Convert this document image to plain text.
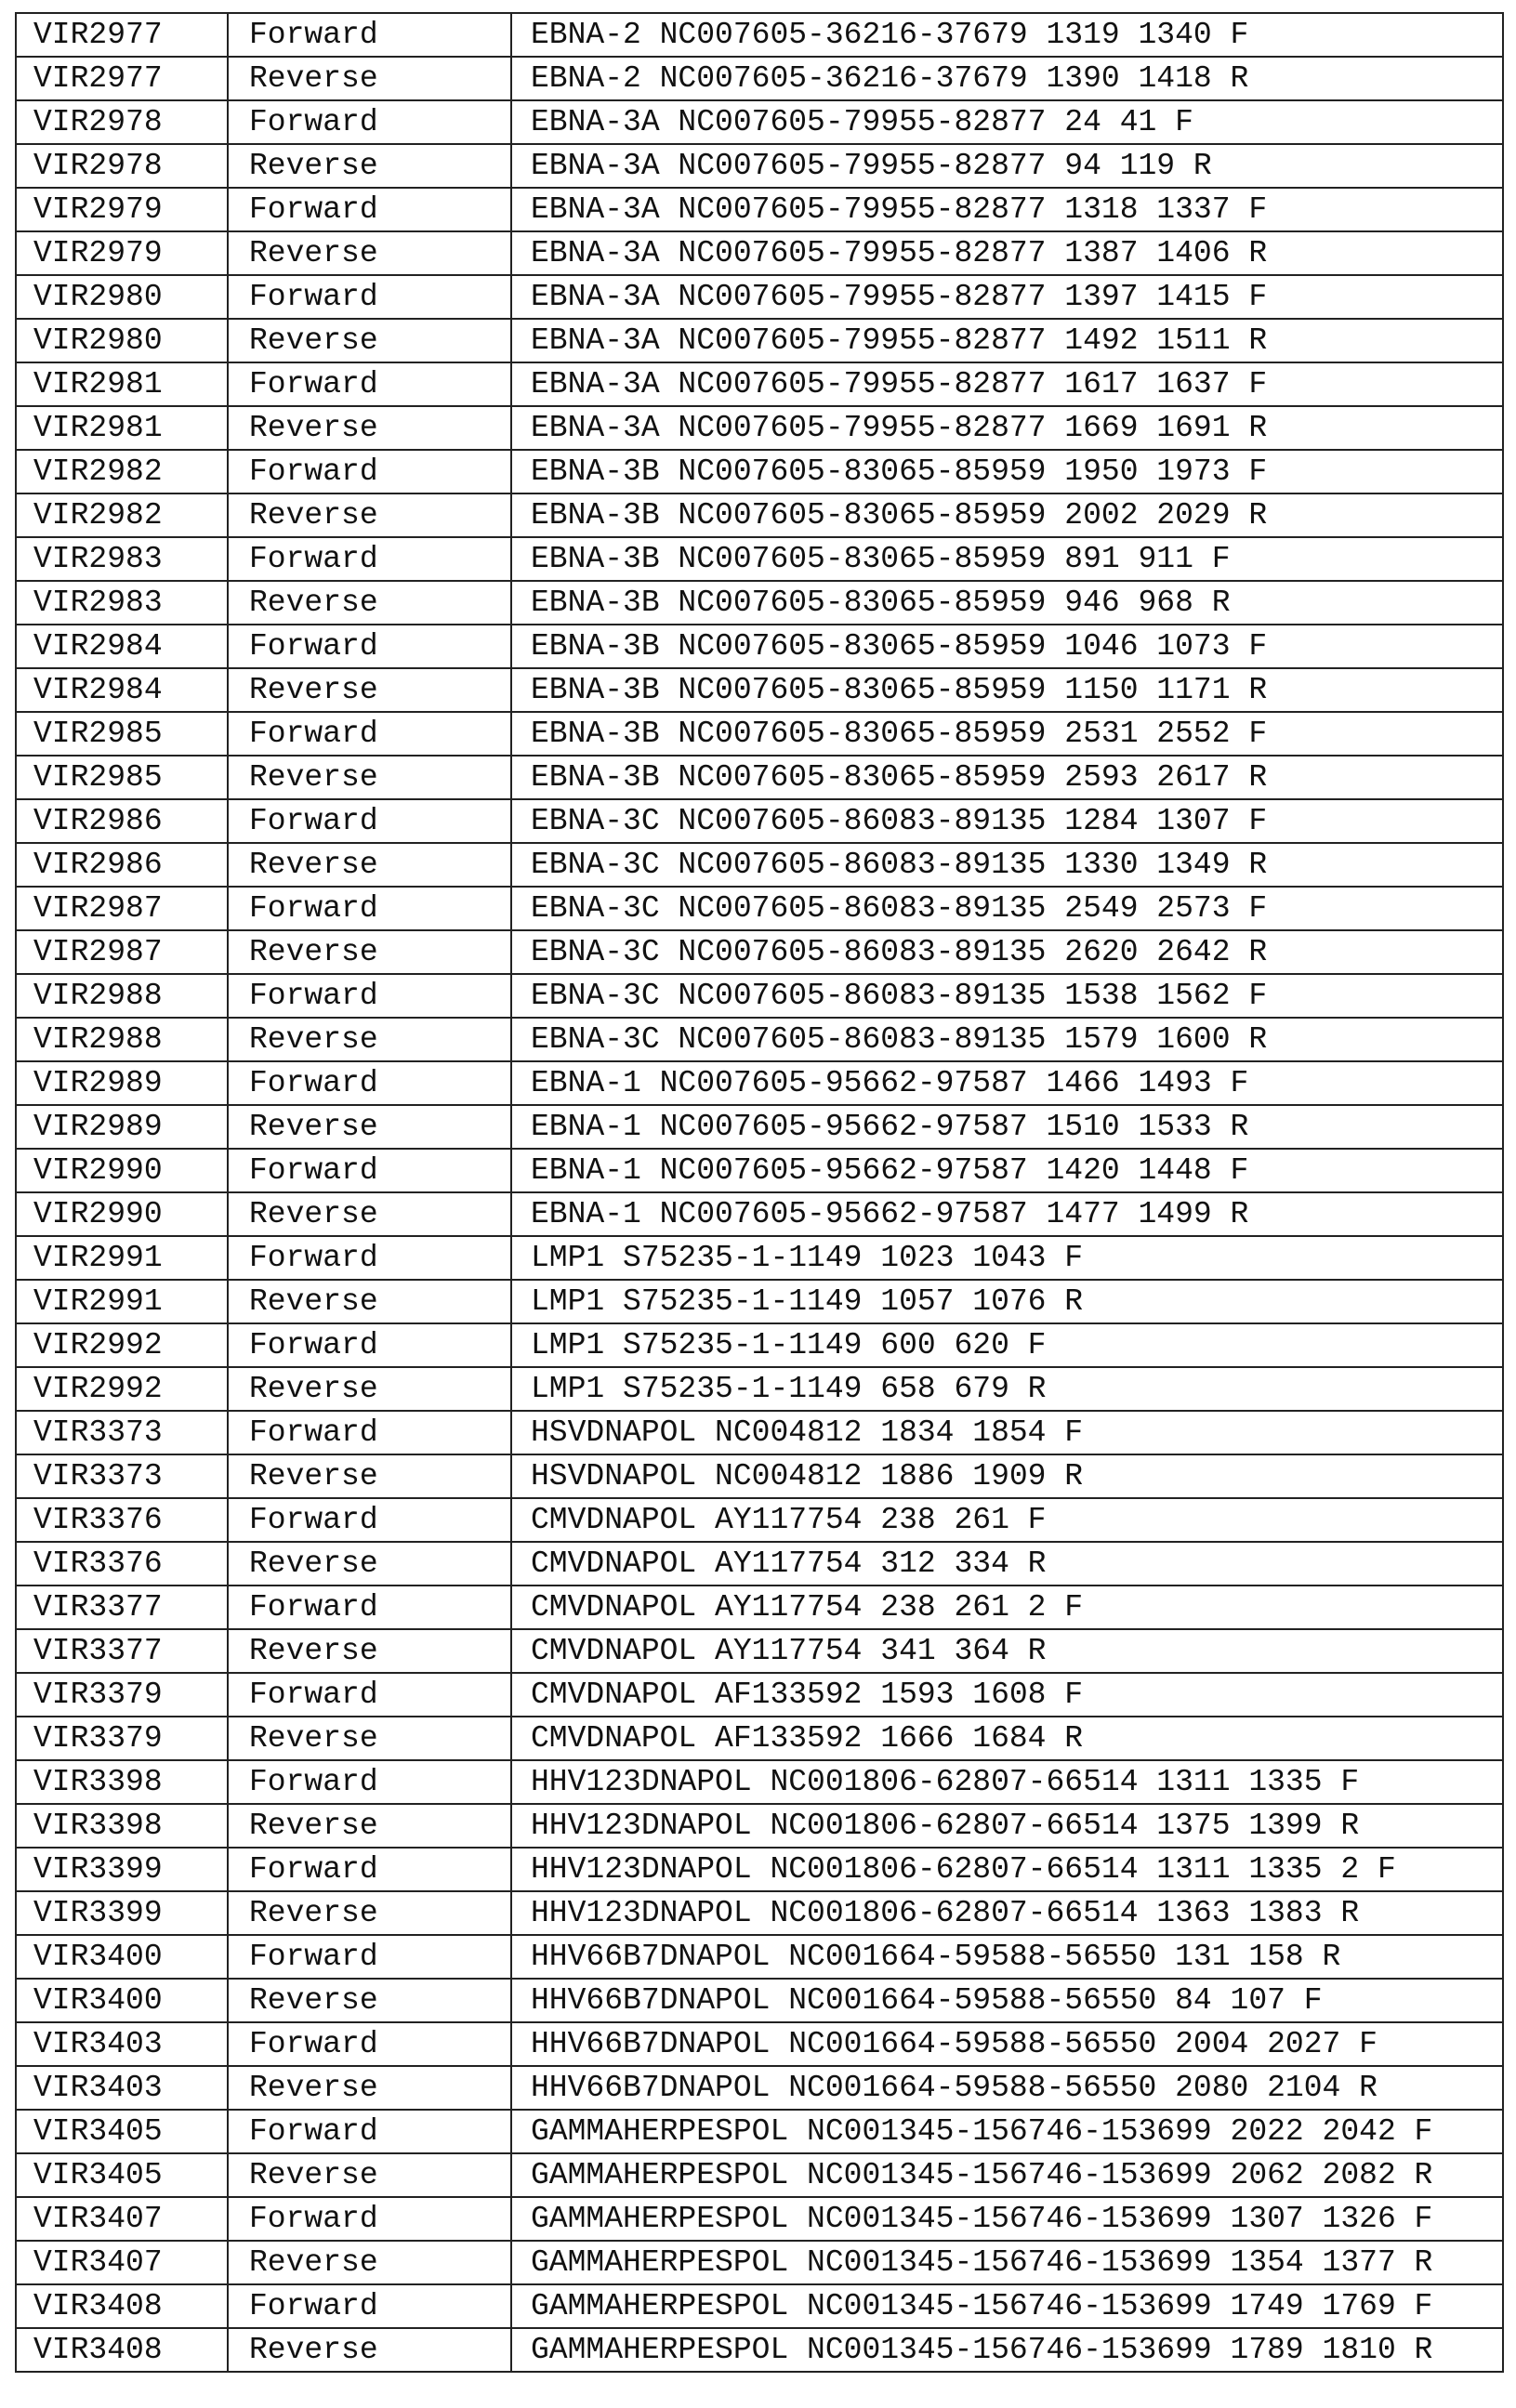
VIR2977	Forward	EBNA-2 NC007605-36216-37679 1319 1340 F
VIR2977	Reverse	EBNA-2 NC007605-36216-37679 1390 1418 R
VIR2978	Forward	EBNA-3A NC007605-79955-82877 24 41 F
VIR2978	Reverse	EBNA-3A NC007605-79955-82877 94 119 R
VIR2979	Forward	EBNA-3A NC007605-79955-82877 1318 1337 F
VIR2979	Reverse	EBNA-3A NC007605-79955-82877 1387 1406 R
VIR2980	Forward	EBNA-3A NC007605-79955-82877 1397 1415 F
VIR2980	Reverse	EBNA-3A NC007605-79955-82877 1492 1511 R
VIR2981	Forward	EBNA-3A NC007605-79955-82877 1617 1637 F
VIR2981	Reverse	EBNA-3A NC007605-79955-82877 1669 1691 R
VIR2982	Forward	EBNA-3B NC007605-83065-85959 1950 1973 F
VIR2982	Reverse	EBNA-3B NC007605-83065-85959 2002 2029 R
VIR2983	Forward	EBNA-3B NC007605-83065-85959 891 911 F
VIR2983	Reverse	EBNA-3B NC007605-83065-85959 946 968 R
VIR2984	Forward	EBNA-3B NC007605-83065-85959 1046 1073 F
VIR2984	Reverse	EBNA-3B NC007605-83065-85959 1150 1171 R
VIR2985	Forward	EBNA-3B NC007605-83065-85959 2531 2552 F
VIR2985	Reverse	EBNA-3B NC007605-83065-85959 2593 2617 R
VIR2986	Forward	EBNA-3C NC007605-86083-89135 1284 1307 F
VIR2986	Reverse	EBNA-3C NC007605-86083-89135 1330 1349 R
VIR2987	Forward	EBNA-3C NC007605-86083-89135 2549 2573 F
VIR2987	Reverse	EBNA-3C NC007605-86083-89135 2620 2642 R
VIR2988	Forward	EBNA-3C NC007605-86083-89135 1538 1562 F
VIR2988	Reverse	EBNA-3C NC007605-86083-89135 1579 1600 R
VIR2989	Forward	EBNA-1 NC007605-95662-97587 1466 1493 F
VIR2989	Reverse	EBNA-1 NC007605-95662-97587 1510 1533 R
VIR2990	Forward	EBNA-1 NC007605-95662-97587 1420 1448 F
VIR2990	Reverse	EBNA-1 NC007605-95662-97587 1477 1499 R
VIR2991	Forward	LMP1 S75235-1-1149 1023 1043 F
VIR2991	Reverse	LMP1 S75235-1-1149 1057 1076 R
VIR2992	Forward	LMP1 S75235-1-1149 600 620 F
VIR2992	Reverse	LMP1 S75235-1-1149 658 679 R
VIR3373	Forward	HSVDNAPOL NC004812 1834 1854 F
VIR3373	Reverse	HSVDNAPOL NC004812 1886 1909 R
VIR3376	Forward	CMVDNAPOL AY117754 238 261 F
VIR3376	Reverse	CMVDNAPOL AY117754 312 334 R
VIR3377	Forward	CMVDNAPOL AY117754 238 261 2 F
VIR3377	Reverse	CMVDNAPOL AY117754 341 364 R
VIR3379	Forward	CMVDNAPOL AF133592 1593 1608 F
VIR3379	Reverse	CMVDNAPOL AF133592 1666 1684 R
VIR3398	Forward	HHV123DNAPOL NC001806-62807-66514 1311 1335 F
VIR3398	Reverse	HHV123DNAPOL NC001806-62807-66514 1375 1399 R
VIR3399	Forward	HHV123DNAPOL NC001806-62807-66514 1311 1335 2 F
VIR3399	Reverse	HHV123DNAPOL NC001806-62807-66514 1363 1383 R
VIR3400	Forward	HHV66B7DNAPOL NC001664-59588-56550 131 158 R
VIR3400	Reverse	HHV66B7DNAPOL NC001664-59588-56550 84 107 F
VIR3403	Forward	HHV66B7DNAPOL NC001664-59588-56550 2004 2027 F
VIR3403	Reverse	HHV66B7DNAPOL NC001664-59588-56550 2080 2104 R
VIR3405	Forward	GAMMAHERPESPOL NC001345-156746-153699 2022 2042 F
VIR3405	Reverse	GAMMAHERPESPOL NC001345-156746-153699 2062 2082 R
VIR3407	Forward	GAMMAHERPESPOL NC001345-156746-153699 1307 1326 F
VIR3407	Reverse	GAMMAHERPESPOL NC001345-156746-153699 1354 1377 R
VIR3408	Forward	GAMMAHERPESPOL NC001345-156746-153699 1749 1769 F
VIR3408	Reverse	GAMMAHERPESPOL NC001345-156746-153699 1789 1810 R
